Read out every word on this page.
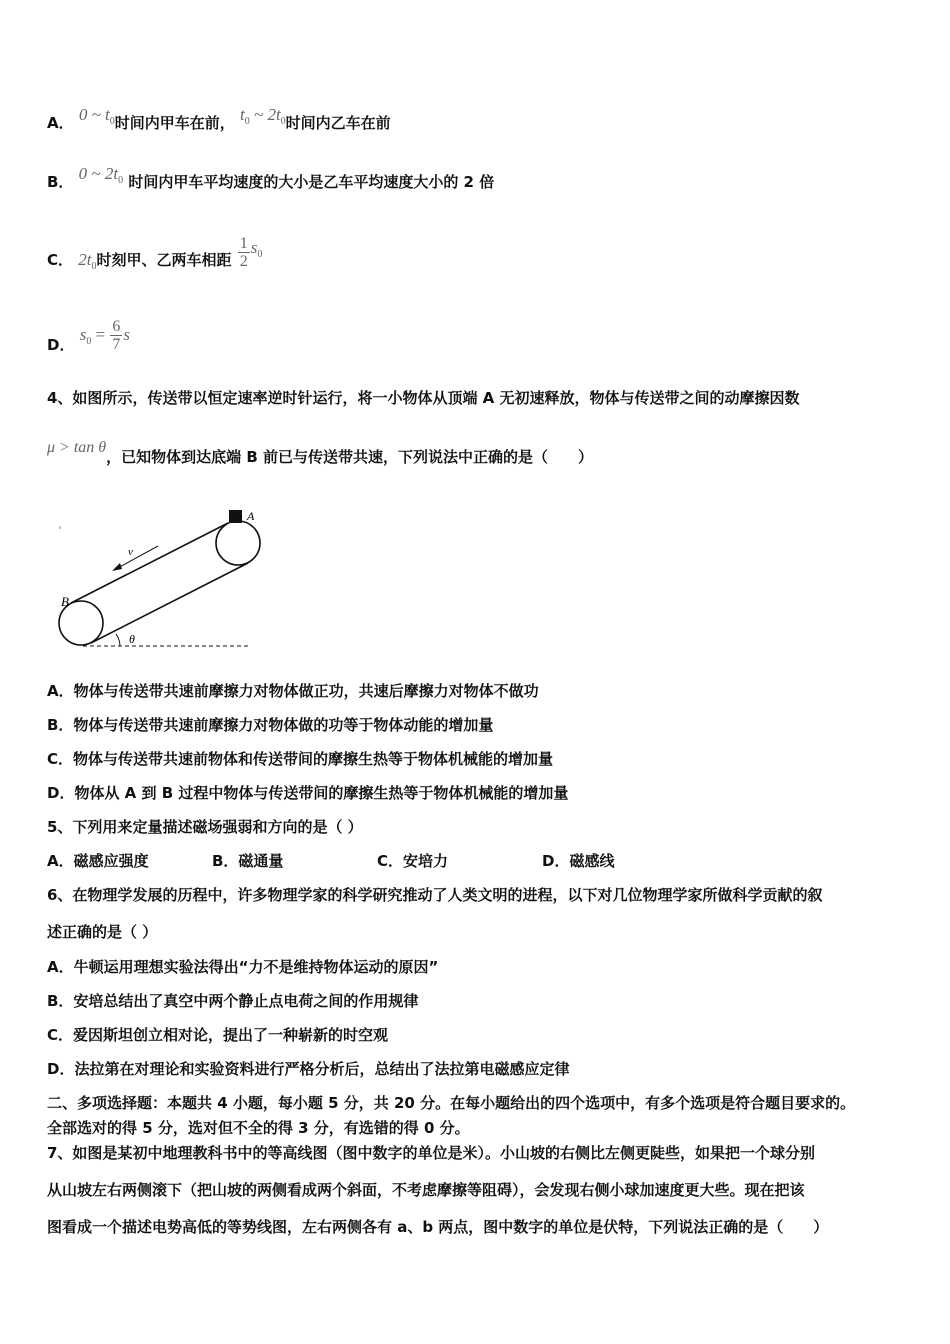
A． 0 ~ $t_0$时间内甲车在前， $t_0$ ~ $2t_0$时间内乙车在前
B． 0 ~ $2t_0$ 时间内甲车平均速度的大小是乙车平均速度大小的 2 倍
C． $2t_0$时刻甲、乙两车相距 $\frac{1}{2} s_0$
D． $s_0 = \frac{6}{7}$ s
4、如图所示，传送带以恒定速率逆时针运行，将一小物体从顶端 A 无初速释放，物体与传送带之间的动摩擦因数
μ > tan θ，已知物体到达底端 B 前已与传送带共速，下列说法中正确的是（　　）
A
B
v
θ
A．物体与传送带共速前摩擦力对物体做正功，共速后摩擦力对物体不做功
B．物体与传送带共速前摩擦力对物体做的功等于物体动能的增加量
C．物体与传送带共速前物体和传送带间的摩擦生热等于物体机械能的增加量
D．物体从 A 到 B 过程中物体与传送带间的摩擦生热等于物体机械能的增加量
5、下列用来定量描述磁场强弱和方向的是（ ）
A．磁感应强度	B．磁通量	C．安培力	D．磁感线
6、在物理学发展的历程中，许多物理学家的科学研究推动了人类文明的进程，以下对几位物理学家所做科学贡献的叙
述正确的是（ ）
A．牛顿运用理想实验法得出“力不是维持物体运动的原因”
B．安培总结出了真空中两个静止点电荷之间的作用规律
C．爱因斯坦创立相对论，提出了一种崭新的时空观
D．法拉第在对理论和实验资料进行严格分析后，总结出了法拉第电磁感应定律
二、多项选择题：本题共 4 小题，每小题 5 分，共 20 分。在每小题给出的四个选项中，有多个选项是符合题目要求的。
全部选对的得 5 分，选对但不全的得 3 分，有选错的得 0 分。
7、如图是某初中地理教科书中的等高线图（图中数字的单位是米）。小山坡的右侧比左侧更陡些，如果把一个球分别
从山坡左右两侧滚下（把山坡的两侧看成两个斜面，不考虑摩擦等阻碍），会发现右侧小球加速度更大些。现在把该
图看成一个描述电势高低的等势线图，左右两侧各有 a、b 两点，图中数字的单位是伏特，下列说法正确的是（　　）
